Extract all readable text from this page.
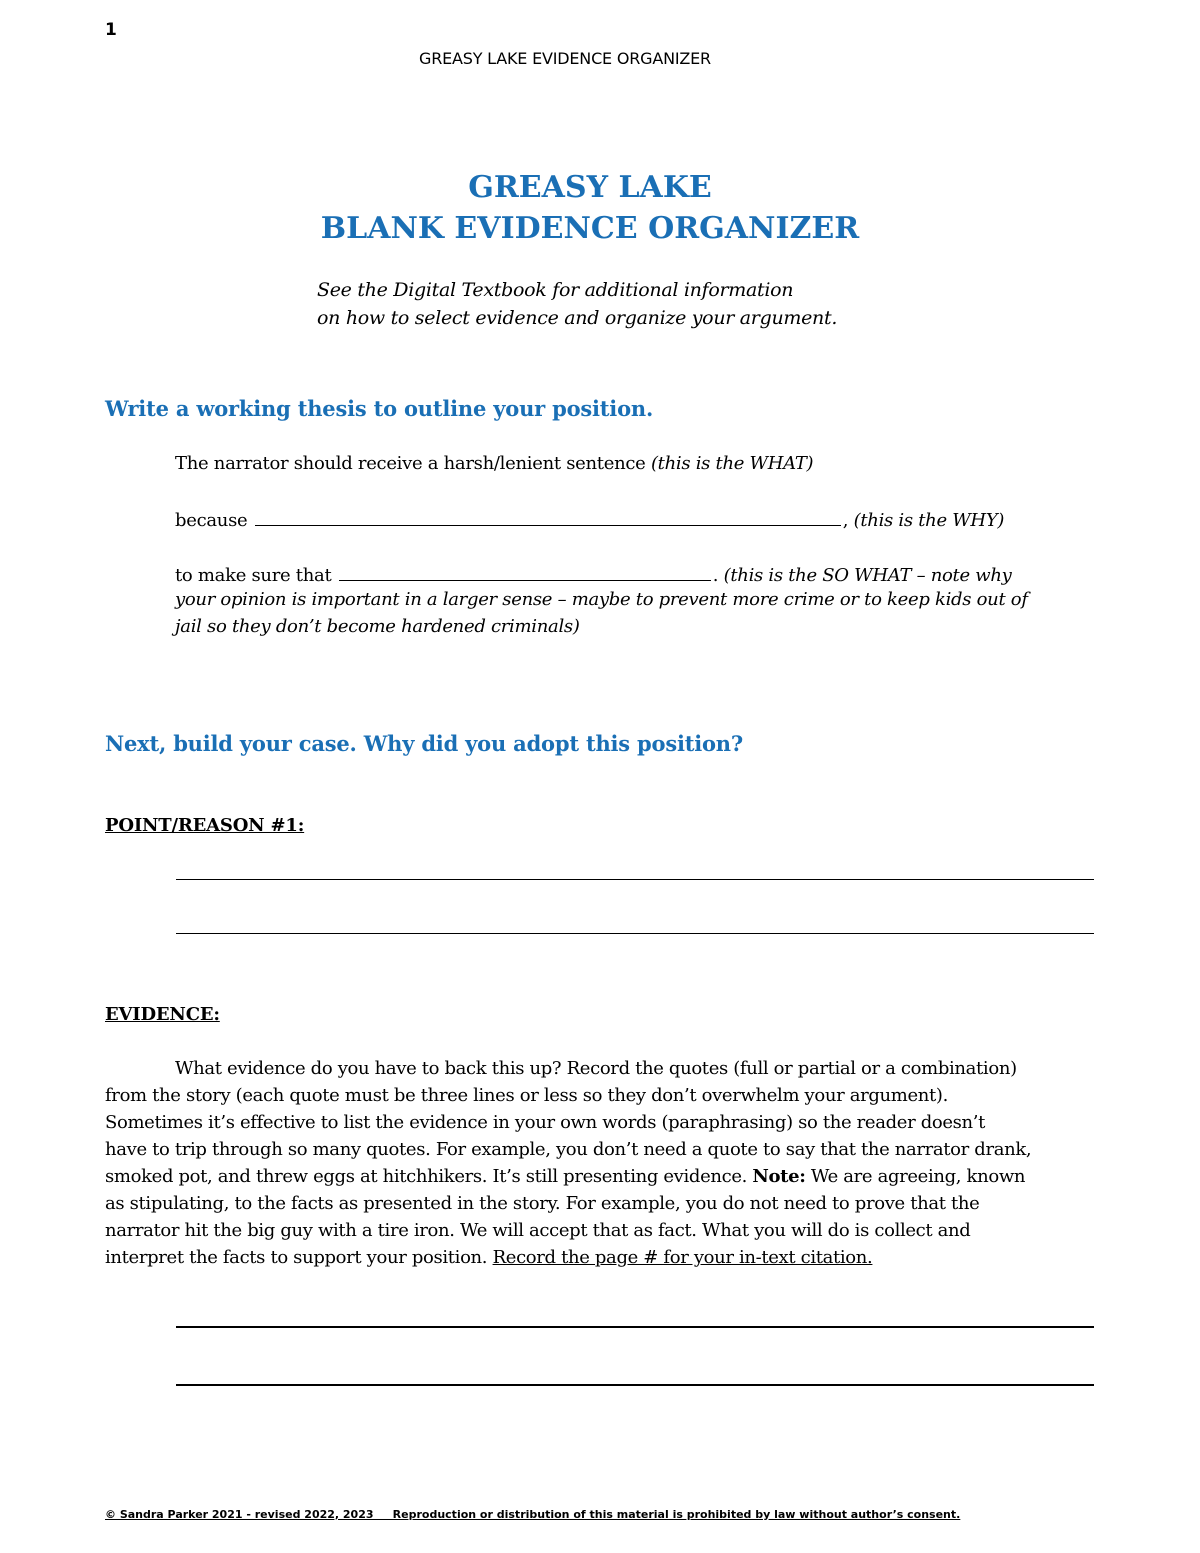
1
GREASY LAKE EVIDENCE ORGANIZER
GREASY LAKE
BLANK EVIDENCE ORGANIZER
See the Digital Textbook for additional information
on how to select evidence and organize your argument.
Write a working thesis to outline your position.
The narrator should receive a harsh/lenient sentence (this is the WHAT)
because	, (this is the WHY)
to make sure that	. (this is the SO WHAT – note why
your opinion is important in a larger sense – maybe to prevent more crime or to keep kids out of
jail so they don’t become hardened criminals)
Next, build your case. Why did you adopt this position?
POINT/REASON #1:
EVIDENCE:
What evidence do you have to back this up? Record the quotes (full or partial or a combination)
from the story (each quote must be three lines or less so they don’t overwhelm your argument).
Sometimes it’s effective to list the evidence in your own words (paraphrasing) so the reader doesn’t
have to trip through so many quotes. For example, you don’t need a quote to say that the narrator drank,
smoked pot, and threw eggs at hitchhikers. It’s still presenting evidence. Note: We are agreeing, known
as stipulating, to the facts as presented in the story. For example, you do not need to prove that the
narrator hit the big guy with a tire iron. We will accept that as fact. What you will do is collect and
interpret the facts to support your position. Record the page # for your in-text citation.
© Sandra Parker 2021 - revised 2022, 2023     Reproduction or distribution of this material is prohibited by law without author’s consent.
